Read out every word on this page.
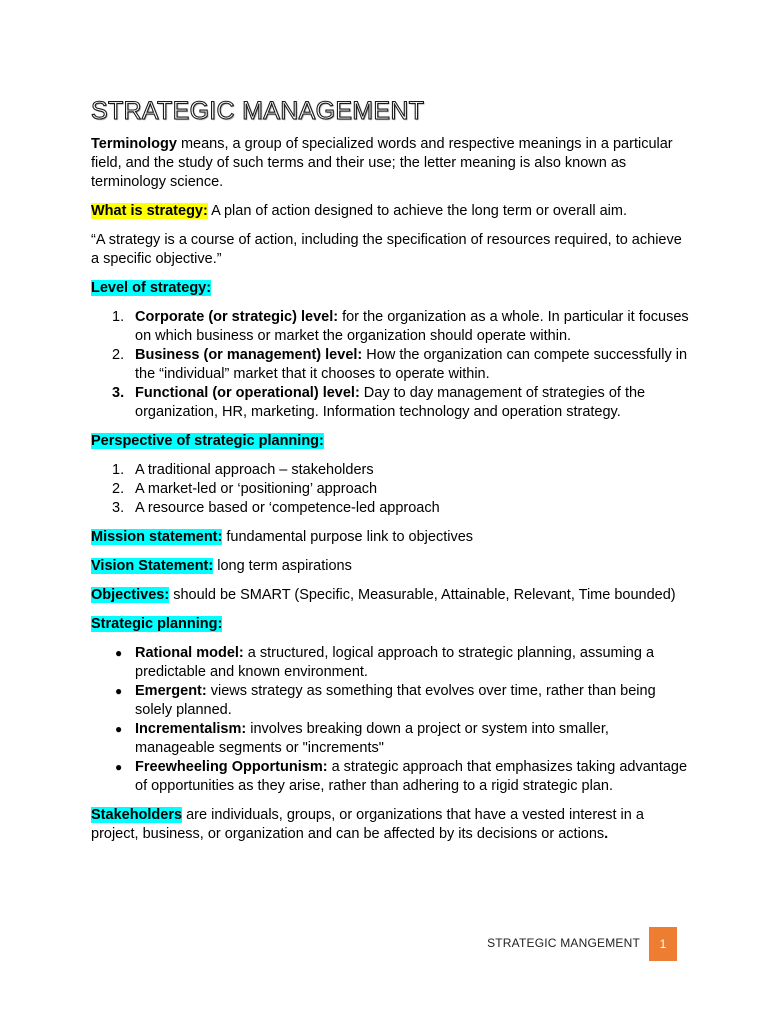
STRATEGIC MANAGEMENT

Terminology means, a group of specialized words and respective meanings in a particular field, and the study of such terms and their use; the letter meaning is also known as terminology science.

What is strategy: A plan of action designed to achieve the long term or overall aim.

“A strategy is a course of action, including the specification of resources required, to achieve a specific objective.”

Level of strategy:

1. Corporate (or strategic) level: for the organization as a whole. In particular it focuses on which business or market the organization should operate within.
2. Business (or management) level: How the organization can compete successfully in the “individual” market that it chooses to operate within.
3. Functional (or operational) level: Day to day management of strategies of the organization, HR, marketing. Information technology and operation strategy.

Perspective of strategic planning:

1. A traditional approach – stakeholders
2. A market-led or ‘positioning’ approach
3. A resource based or ‘competence-led approach

Mission statement: fundamental purpose link to objectives

Vision Statement: long term aspirations

Objectives: should be SMART (Specific, Measurable, Attainable, Relevant, Time bounded)

Strategic planning:

● Rational model: a structured, logical approach to strategic planning, assuming a predictable and known environment.
● Emergent: views strategy as something that evolves over time, rather than being solely planned.
● Incrementalism: involves breaking down a project or system into smaller, manageable segments or "increments"
● Freewheeling Opportunism: a strategic approach that emphasizes taking advantage of opportunities as they arise, rather than adhering to a rigid strategic plan.

Stakeholders are individuals, groups, or organizations that have a vested interest in a project, business, or organization and can be affected by its decisions or actions.

STRATEGIC MANGEMENT	1
